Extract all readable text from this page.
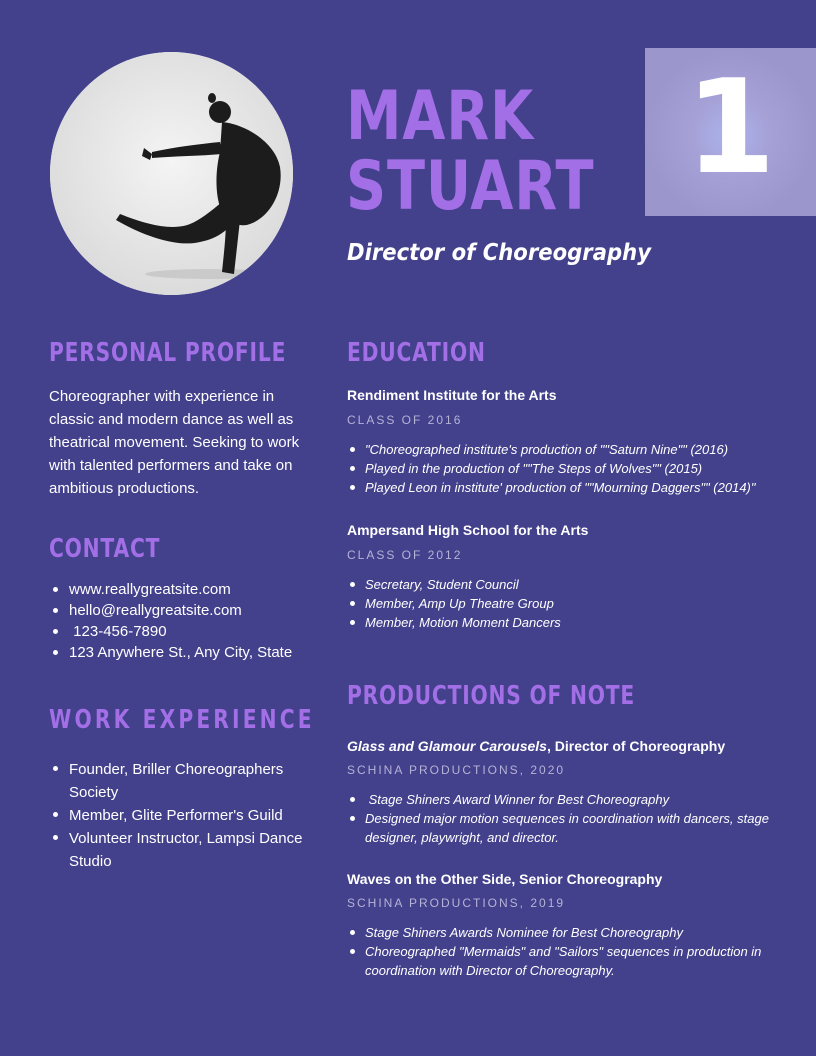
MARK
STUART
Director of Choreography
1
PERSONAL PROFILE
Choreographer with experience in classic and modern dance as well as theatrical movement. Seeking to work with talented performers and take on ambitious productions.
CONTACT
www.reallygreatsite.com
hello@reallygreatsite.com
123-456-7890
123 Anywhere St., Any City, State
WORK EXPERIENCE
Founder, Briller Choreographers Society
Member, Glite Performer's Guild
Volunteer Instructor, Lampsi Dance Studio
EDUCATION
Rendiment Institute for the Arts
CLASS OF 2016
"Choreographed institute's production of ""Saturn Nine"" (2016)
Played in the production of ""The Steps of Wolves"" (2015)
Played Leon in institute' production of ""Mourning Daggers"" (2014)"
Ampersand High School for the Arts
CLASS OF 2012
Secretary, Student Council
Member, Amp Up Theatre Group
Member, Motion Moment Dancers
PRODUCTIONS OF NOTE
Glass and Glamour Carousels, Director of Choreography
SCHINA PRODUCTIONS, 2020
Stage Shiners Award Winner for Best Choreography
Designed major motion sequences in coordination with dancers, stage designer, playwright, and director.
Waves on the Other Side, Senior Choreography
SCHINA PRODUCTIONS, 2019
Stage Shiners Awards Nominee for Best Choreography
Choreographed "Mermaids" and "Sailors" sequences in production in coordination with Director of Choreography.
